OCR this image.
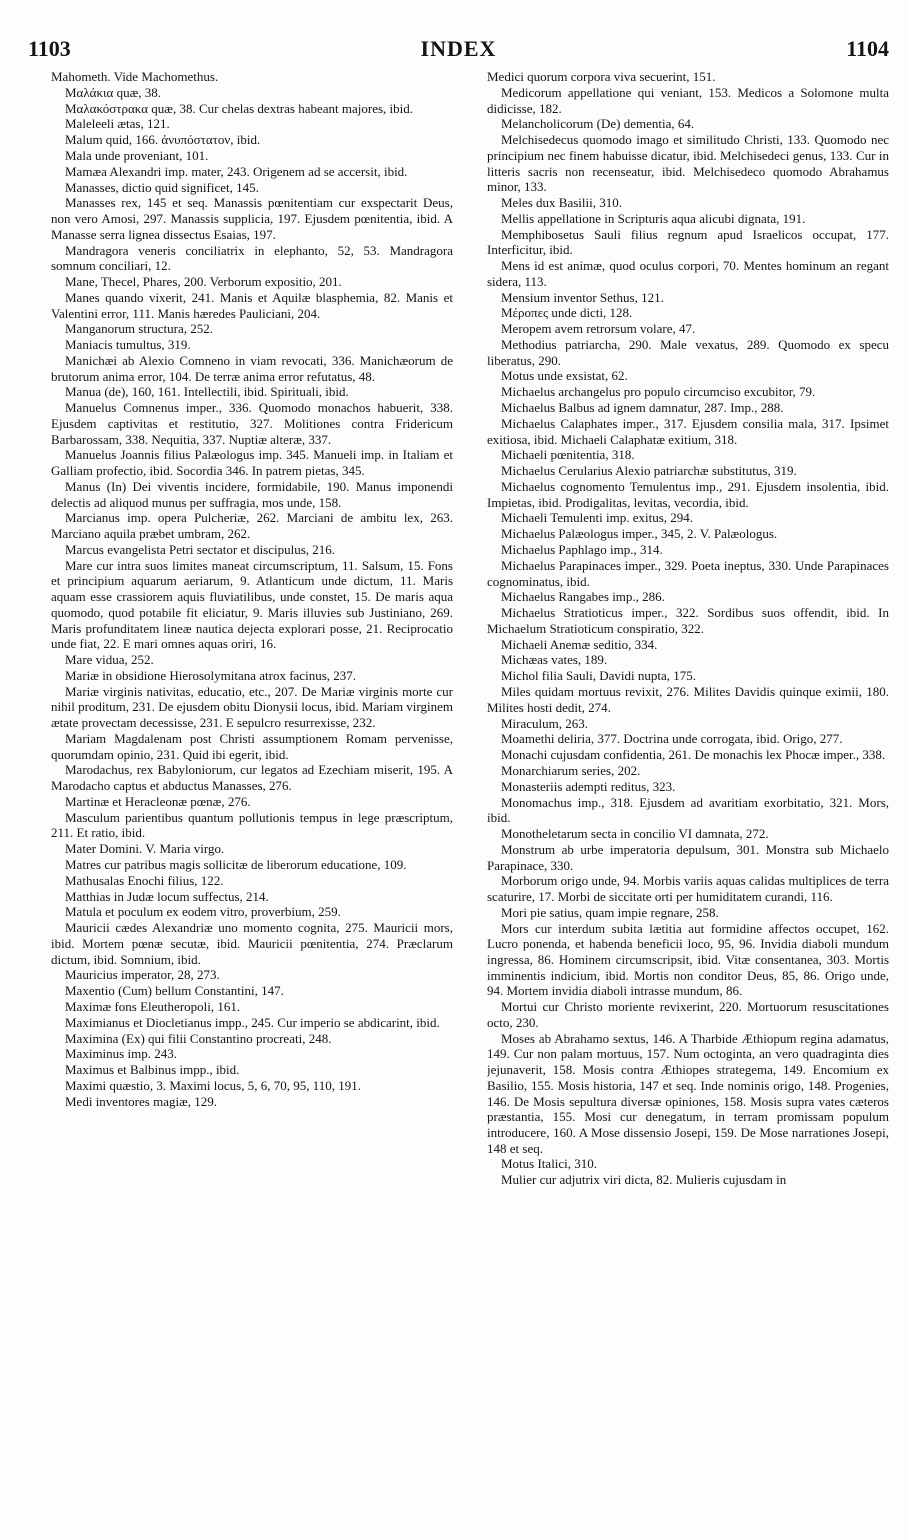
1103	INDEX	1104

Mahometh. Vide Machomethus.

Μαλάκια quæ, 38.

Μαλακόστρακα quæ, 38. Cur chelas dextras habeant majores, ibid.

Maleleeli ætas, 121.

Malum quid, 166. ἀνυπόστατον, ibid.

Mala unde proveniant, 101.

Mamæa Alexandri imp. mater, 243. Origenem ad se accersit, ibid.

Manasses, dictio quid significet, 145.

Manasses rex, 145 et seq. Manassis pœnitentiam cur exspectarit Deus, non vero Amosi, 297. Manassis supplicia, 197. Ejusdem pœnitentia, ibid. A Manasse serra lignea dissectus Esaias, 197.

Mandragora veneris conciliatrix in elephanto, 52, 53. Mandragora somnum conciliari, 12.

Mane, Thecel, Phares, 200. Verborum expositio, 201.

Manes quando vixerit, 241. Manis et Aquilæ blasphemia, 82. Manis et Valentini error, 111. Manis hæredes Pauliciani, 204.

Manganorum structura, 252.

Maniacis tumultus, 319.

Manichæi ab Alexio Comneno in viam revocati, 336. Manichæorum de brutorum anima error, 104. De terræ anima error refutatus, 48.

Manua (de), 160, 161. Intellectili, ibid. Spirituali, ibid.

Manuelus Comnenus imper., 336. Quomodo monachos habuerit, 338. Ejusdem captivitas et restitutio, 327. Molitiones contra Fridericum Barbarossam, 338. Nequitia, 337. Nuptiæ alteræ, 337.

Manuelus Joannis filius Palæologus imp. 345. Manueli imp. in Italiam et Galliam profectio, ibid. Socordia 346. In patrem pietas, 345.

Manus (In) Dei viventis incidere, formidabile, 190. Manus imponendi delectis ad aliquod munus per suffragia, mos unde, 158.

Marcianus imp. opera Pulcheriæ, 262. Marciani de ambitu lex, 263. Marciano aquila præbet umbram, 262.

Marcus evangelista Petri sectator et discipulus, 216.

Mare cur intra suos limites maneat circumscriptum, 11. Salsum, 15. Fons et principium aquarum aeriarum, 9. Atlanticum unde dictum, 11. Maris aquam esse crassiorem aquis fluviatilibus, unde constet, 15. De maris aqua quomodo, quod potabile fit eliciatur, 9. Maris illuvies sub Justiniano, 269. Maris profunditatem lineæ nautica dejecta explorari posse, 21. Reciprocatio unde fiat, 22. E mari omnes aquas oriri, 16.

Mare vidua, 252.

Mariæ in obsidione Hierosolymitana atrox facinus, 237.

Mariæ virginis nativitas, educatio, etc., 207. De Mariæ virginis morte cur nihil proditum, 231. De ejusdem obitu Dionysii locus, ibid. Mariam virginem ætate provectam decessisse, 231. E sepulcro resurrexisse, 232.

Mariam Magdalenam post Christi assumptionem Romam pervenisse, quorumdam opinio, 231. Quid ibi egerit, ibid.

Marodachus, rex Babyloniorum, cur legatos ad Ezechiam miserit, 195. A Marodacho captus et abductus Manasses, 276.

Martinæ et Heracleonæ pœnæ, 276.

Masculum parientibus quantum pollutionis tempus in lege præscriptum, 211. Et ratio, ibid.

Mater Domini. V. Maria virgo.

Matres cur patribus magis sollicitæ de liberorum educatione, 109.

Mathusalas Enochi filius, 122.

Matthias in Judæ locum suffectus, 214.

Matula et poculum ex eodem vitro, proverbium, 259.

Mauricii cædes Alexandriæ uno momento cognita, 275. Mauricii mors, ibid. Mortem pœnæ secutæ, ibid. Mauricii pœnitentia, 274. Præclarum dictum, ibid. Somnium, ibid.

Mauricius imperator, 28, 273.

Maxentio (Cum) bellum Constantini, 147.

Maximæ fons Eleutheropoli, 161.

Maximianus et Diocletianus impp., 245. Cur imperio se abdicarint, ibid.

Maximina (Ex) qui filii Constantino procreati, 248.

Maximinus imp. 243.

Maximus et Balbinus impp., ibid.

Maximi quæstio, 3. Maximi locus, 5, 6, 70, 95, 110, 191.

Medi inventores magiæ, 129.

Medici quorum corpora viva secuerint, 151.

Medicorum appellatione qui veniant, 153. Medicos a Solomone multa didicisse, 182.

Melancholicorum (De) dementia, 64.

Melchisedecus quomodo imago et similitudo Christi, 133. Quomodo nec principium nec finem habuisse dicatur, ibid. Melchisedeci genus, 133. Cur in litteris sacris non recenseatur, ibid. Melchisedeco quomodo Abrahamus minor, 133.

Meles dux Basilii, 310.

Mellis appellatione in Scripturis aqua alicubi dignata, 191.

Memphibosetus Sauli filius regnum apud Israelicos occupat, 177. Interficitur, ibid.

Mens id est animæ, quod oculus corpori, 70. Mentes hominum an regant sidera, 113.

Mensium inventor Sethus, 121.

Μέροπες unde dicti, 128.

Meropem avem retrorsum volare, 47.

Methodius patriarcha, 290. Male vexatus, 289. Quomodo ex specu liberatus, 290.

Motus unde exsistat, 62.

Michaelus archangelus pro populo circumciso excubitor, 79.

Michaelus Balbus ad ignem damnatur, 287. Imp., 288.

Michaelus Calaphates imper., 317. Ejusdem consilia mala, 317. Ipsimet exitiosa, ibid. Michaeli Calaphatæ exitium, 318.

Michaeli pœnitentia, 318.

Michaelus Cerularius Alexio patriarchæ substitutus, 319.

Michaelus cognomento Temulentus imp., 291. Ejusdem insolentia, ibid. Impietas, ibid. Prodigalitas, levitas, vecordia, ibid.

Michaeli Temulenti imp. exitus, 294.

Michaelus Palæologus imper., 345, 2. V. Palæologus.

Michaelus Paphlago imp., 314.

Michaelus Parapinaces imper., 329. Poeta ineptus, 330. Unde Parapinaces cognominatus, ibid.

Michaelus Rangabes imp., 286.

Michaelus Stratioticus imper., 322. Sordibus suos offendit, ibid. In Michaelum Stratioticum conspiratio, 322.

Michaeli Anemæ seditio, 334.

Michæas vates, 189.

Michol filia Sauli, Davidi nupta, 175.

Miles quidam mortuus revixit, 276. Milites Davidis quinque eximii, 180. Milites hosti dedit, 274.

Miraculum, 263.

Moamethi deliria, 377. Doctrina unde corrogata, ibid. Origo, 277.

Monachi cujusdam confidentia, 261. De monachis lex Phocæ imper., 338.

Monarchiarum series, 202.

Monasteriis adempti reditus, 323.

Monomachus imp., 318. Ejusdem ad avaritiam exorbitatio, 321. Mors, ibid.

Monotheletarum secta in concilio VI damnata, 272.

Monstrum ab urbe imperatoria depulsum, 301. Monstra sub Michaelo Parapinace, 330.

Morborum origo unde, 94. Morbis variis aquas calidas multiplices de terra scaturire, 17. Morbi de siccitate orti per humiditatem curandi, 116.

Mori pie satius, quam impie regnare, 258.

Mors cur interdum subita lætitia aut formidine affectos occupet, 162. Lucro ponenda, et habenda beneficii loco, 95, 96. Invidia diaboli mundum ingressa, 86. Hominem circumscripsit, ibid. Vitæ consentanea, 303. Mortis imminentis indicium, ibid. Mortis non conditor Deus, 85, 86. Origo unde, 94. Mortem invidia diaboli intrasse mundum, 86.

Mortui cur Christo moriente revixerint, 220. Mortuorum resuscitationes octo, 230.

Moses ab Abrahamo sextus, 146. A Tharbide Æthiopum regina adamatus, 149. Cur non palam mortuus, 157. Num octoginta, an vero quadraginta dies jejunaverit, 158. Mosis contra Æthiopes strategema, 149. Encomium ex Basilio, 155. Mosis historia, 147 et seq. Inde nominis origo, 148. Progenies, 146. De Mosis sepultura diversæ opiniones, 158. Mosis supra vates cæteros præstantia, 155. Mosi cur denegatum, in terram promissam populum introducere, 160. A Mose dissensio Josepi, 159. De Mose narrationes Josepi, 148 et seq.

Motus Italici, 310.

Mulier cur adjutrix viri dicta, 82. Mulieris cujusdam in
